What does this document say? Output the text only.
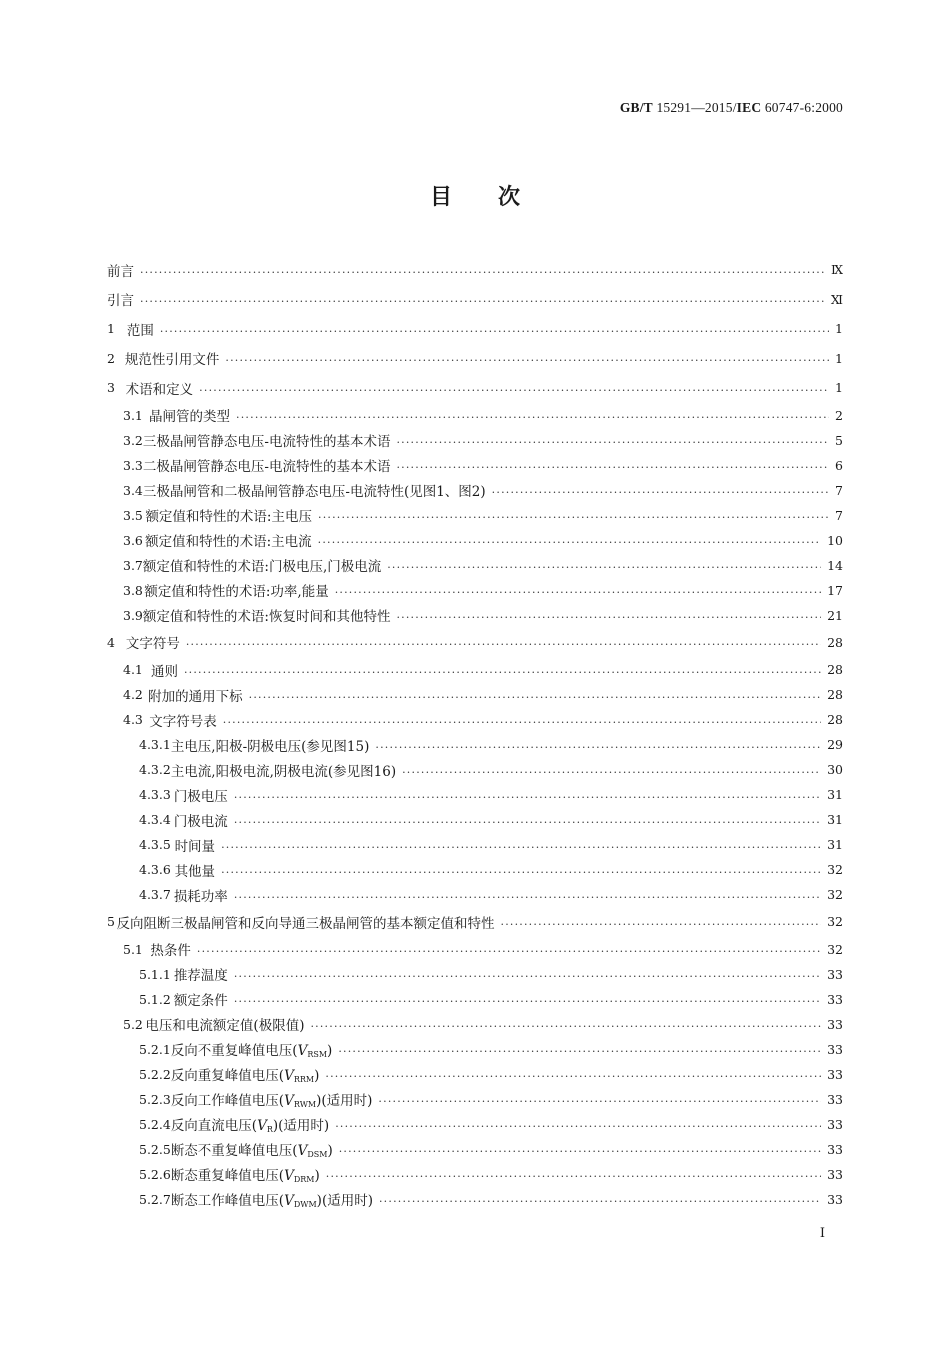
GB/T 15291—2015/IEC 60747-6:2000
目次
前言 ·····	Ⅸ
引言 ·····	Ⅺ
1 范围 ·····	1
2 规范性引用文件 ·····	1
3 术语和定义 ·····	1
3.1 晶闸管的类型 ·····	2
3.2 三极晶闸管静态电压-电流特性的基本术语 ·····	5
3.3 二极晶闸管静态电压-电流特性的基本术语 ·····	6
3.4 三极晶闸管和二极晶闸管静态电压-电流特性(见图1、图2) ·····	7
3.5 额定值和特性的术语:主电压 ·····	7
3.6 额定值和特性的术语:主电流 ·····	10
3.7 额定值和特性的术语:门极电压,门极电流 ·····	14
3.8 额定值和特性的术语:功率,能量 ·····	17
3.9 额定值和特性的术语:恢复时间和其他特性 ·····	21
4 文字符号 ·····	28
4.1 通则 ·····	28
4.2 附加的通用下标 ·····	28
4.3 文字符号表 ·····	28
4.3.1 主电压,阳极-阴极电压(参见图15) ·····	29
4.3.2 主电流,阳极电流,阴极电流(参见图16) ·····	30
4.3.3 门极电压 ·····	31
4.3.4 门极电流 ·····	31
4.3.5 时间量 ·····	31
4.3.6 其他量 ·····	32
4.3.7 损耗功率 ·····	32
5 反向阻断三极晶闸管和反向导通三极晶闸管的基本额定值和特性 ·····	32
5.1 热条件 ·····	32
5.1.1 推荐温度 ·····	33
5.1.2 额定条件 ·····	33
5.2 电压和电流额定值(极限值) ·····	33
5.2.1 反向不重复峰值电压$(V_{RSM})$ ·····	33
5.2.2 反向重复峰值电压$(V_{RRM})$ ·····	33
5.2.3 反向工作峰值电压$(V_{RWM})$(适用时) ·····	33
5.2.4 反向直流电压$(V_R)$(适用时) ·····	33
5.2.5 断态不重复峰值电压$(V_{DSM})$ ·····	33
5.2.6 断态重复峰值电压$(V_{DRM})$ ·····	33
5.2.7 断态工作峰值电压$(V_{DWM})$(适用时) ·····	33
Ⅰ
